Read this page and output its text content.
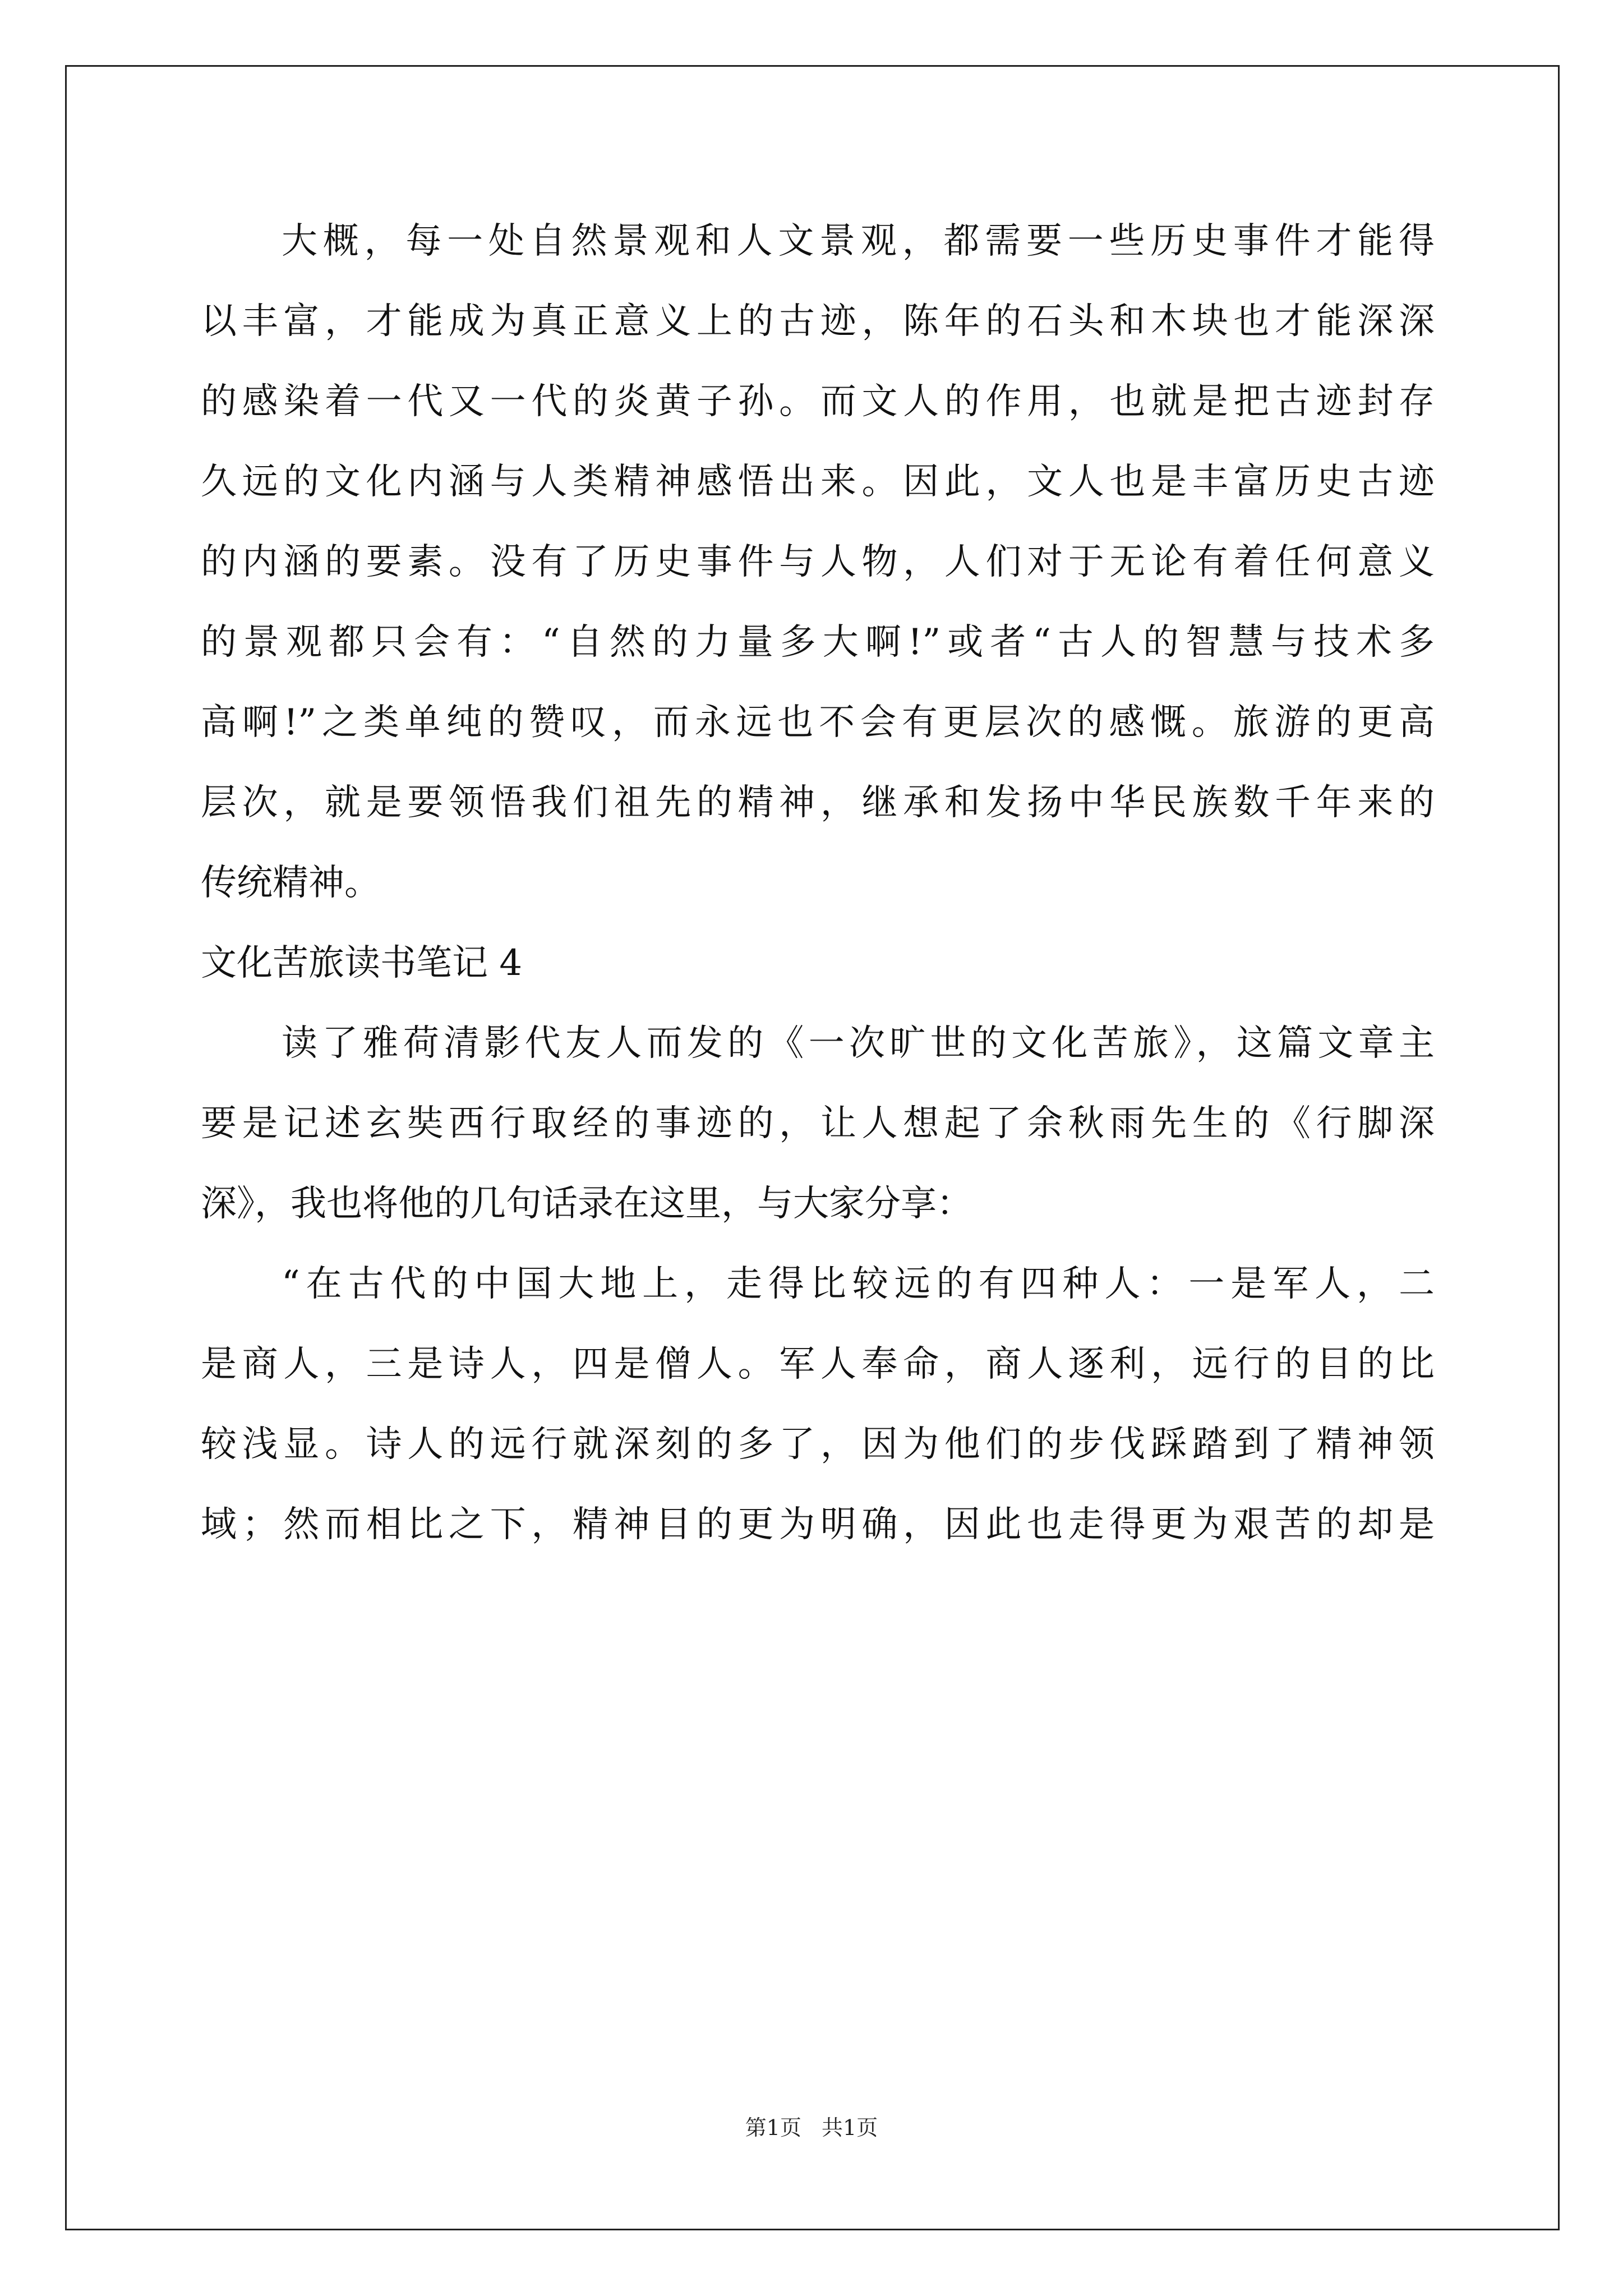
大概，每一处自然景观和人文景观，都需要一些历史事件才能得
以丰富，才能成为真正意义上的古迹，陈年的石头和木块也才能深深
的感染着一代又一代的炎黄子孙。而文人的作用，也就是把古迹封存
久远的文化内涵与人类精神感悟出来。因此，文人也是丰富历史古迹
的内涵的要素。没有了历史事件与人物，人们对于无论有着任何意义
的景观都只会有：“自然的力量多大啊!”或者“古人的智慧与技术多
高啊!”之类单纯的赞叹，而永远也不会有更层次的感慨。旅游的更高
层次，就是要领悟我们祖先的精神，继承和发扬中华民族数千年来的
传统精神。
文化苦旅读书笔记 4
读了雅荷清影代友人而发的《一次旷世的文化苦旅》，这篇文章主
要是记述玄奘西行取经的事迹的，让人想起了余秋雨先生的《行脚深
深》，我也将他的几句话录在这里，与大家分享：
“在古代的中国大地上，走得比较远的有四种人：一是军人，二
是商人，三是诗人，四是僧人。军人奉命，商人逐利，远行的目的比
较浅显。诗人的远行就深刻的多了，因为他们的步伐踩踏到了精神领
域；然而相比之下，精神目的更为明确，因此也走得更为艰苦的却是
第1页 共1页
